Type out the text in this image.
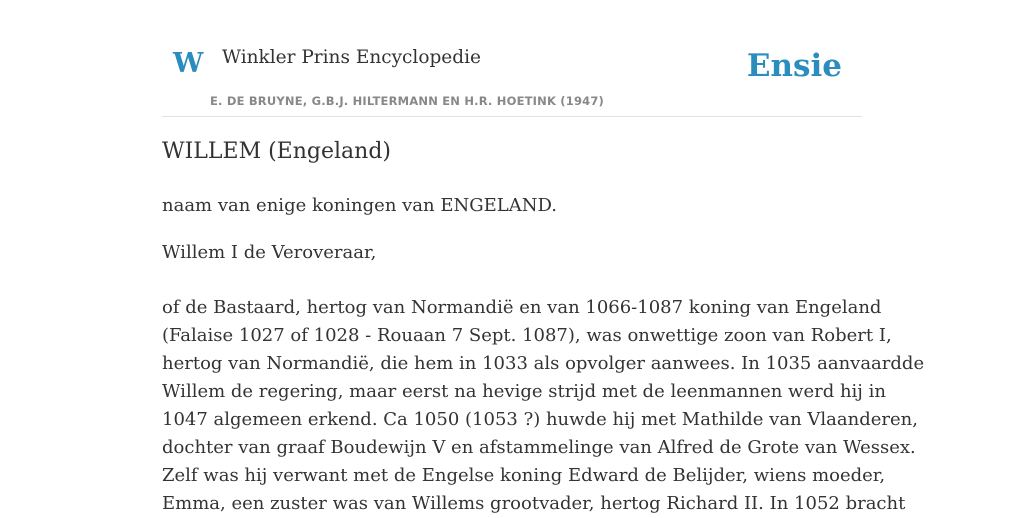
W Winkler Prins Encyclopedie
E. DE BRUYNE, G.B.J. HILTERMANN EN H.R. HOETINK (1947)
Ensie
WILLEM (Engeland)

naam van enige koningen van ENGELAND.

Willem I de Veroveraar,

of de Bastaard, hertog van Normandië en van 1066-1087 koning van Engeland
(Falaise 1027 of 1028 - Rouaan 7 Sept. 1087), was onwettige zoon van Robert I,
hertog van Normandië, die hem in 1033 als opvolger aanwees. In 1035 aanvaardde
Willem de regering, maar eerst na hevige strijd met de leenmannen werd hij in
1047 algemeen erkend. Ca 1050 (1053 ?) huwde hij met Mathilde van Vlaanderen,
dochter van graaf Boudewijn V en afstammelinge van Alfred de Grote van Wessex.
Zelf was hij verwant met de Engelse koning Edward de Belijder, wiens moeder,
Emma, een zuster was van Willems grootvader, hertog Richard II. In 1052 bracht
